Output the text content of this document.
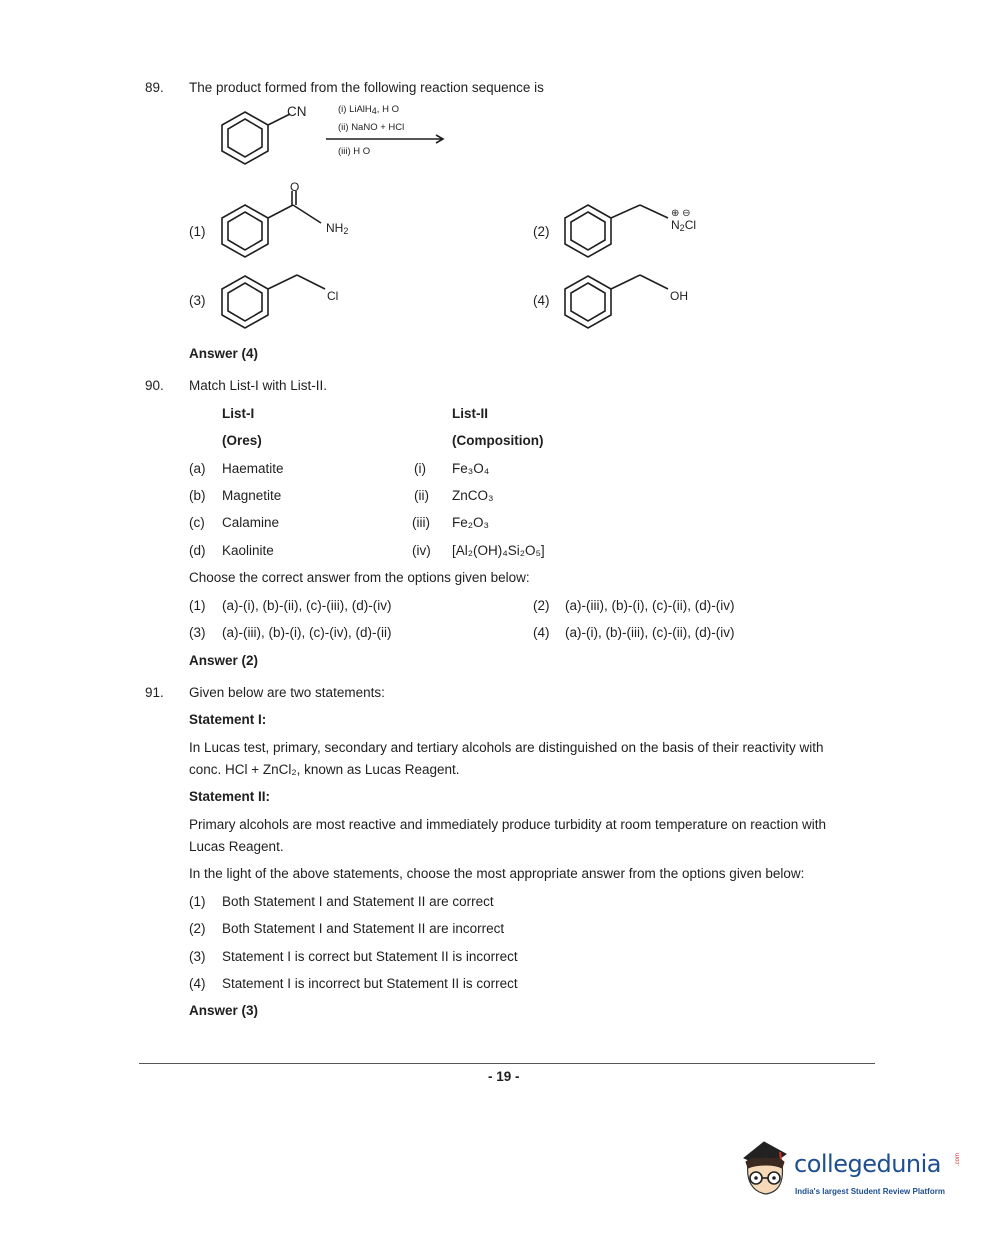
89. The product formed from the following reaction sequence is
CN	(i) LiAlH$_4$, H O
(ii) NaNO + HCl
(iii) H O
(1)
O
$NH_2$	(2)
⊕ ⊖
$N_2Cl$
(3)	Cl	(4)	OH
Answer (4)
90. Match List-I with List-II.
List-I	List-II
(Ores)	(Composition)
(a) Haematite	(i) Fe₃O₄
(b) Magnetite	(ii) ZnCO₃
(c) Calamine	(iii) Fe₂O₃
(d) Kaolinite	(iv) [Al₂(OH)₄Si₂O₅]
Choose the correct answer from the options given below:
(1) (a)-(i), (b)-(ii), (c)-(iii), (d)-(iv)	(2) (a)-(iii), (b)-(i), (c)-(ii), (d)-(iv)
(3) (a)-(iii), (b)-(i), (c)-(iv), (d)-(ii)	(4) (a)-(i), (b)-(iii), (c)-(ii), (d)-(iv)
Answer (2)
91. Given below are two statements:
Statement I:
In Lucas test, primary, secondary and tertiary alcohols are distinguished on the basis of their reactivity with
conc. HCl + ZnCl₂, known as Lucas Reagent.
Statement II:
Primary alcohols are most reactive and immediately produce turbidity at room temperature on reaction with
Lucas Reagent.
In the light of the above statements, choose the most appropriate answer from the options given below:
(1) Both Statement I and Statement II are correct
(2) Both Statement I and Statement II are incorrect
(3) Statement I is correct but Statement II is incorrect
(4) Statement I is incorrect but Statement II is correct
Answer (3)
- 19 -
collegedunia .com
India's largest Student Review Platform
